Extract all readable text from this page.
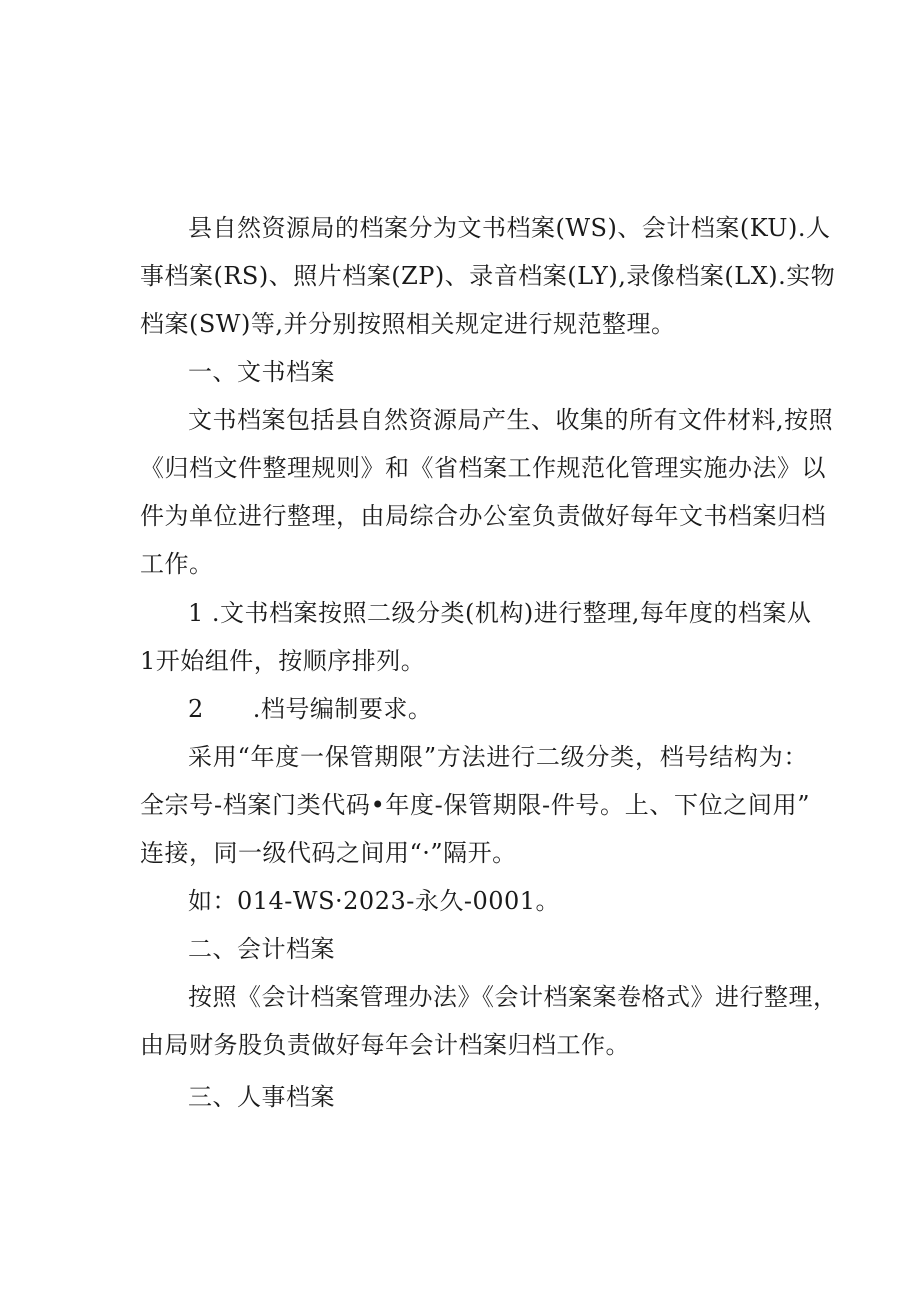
县自然资源局的档案分为文书档案(WS)、会计档案(KU).人
事档案(RS)、照片档案(ZP)、录音档案(LY),录像档案(LX).实物
档案(SW)等,并分别按照相关规定进行规范整理。
一、文书档案
文书档案包括县自然资源局产生、收集的所有文件材料,按照
《归档文件整理规则》和《省档案工作规范化管理实施办法》以
件为单位进行整理，由局综合办公室负责做好每年文书档案归档
工作。
1 .文书档案按照二级分类(机构)进行整理,每年度的档案从
1开始组件，按顺序排列。
2　　.档号编制要求。
采用“年度一保管期限”方法进行二级分类，档号结构为：
全宗号-档案门类代码•年度-保管期限-件号。上、下位之间用”
连接，同一级代码之间用“·”隔开。
如：014-WS·2023-永久-0001。
二、会计档案
按照《会计档案管理办法》《会计档案案卷格式》进行整理，
由局财务股负责做好每年会计档案归档工作。
三、人事档案
